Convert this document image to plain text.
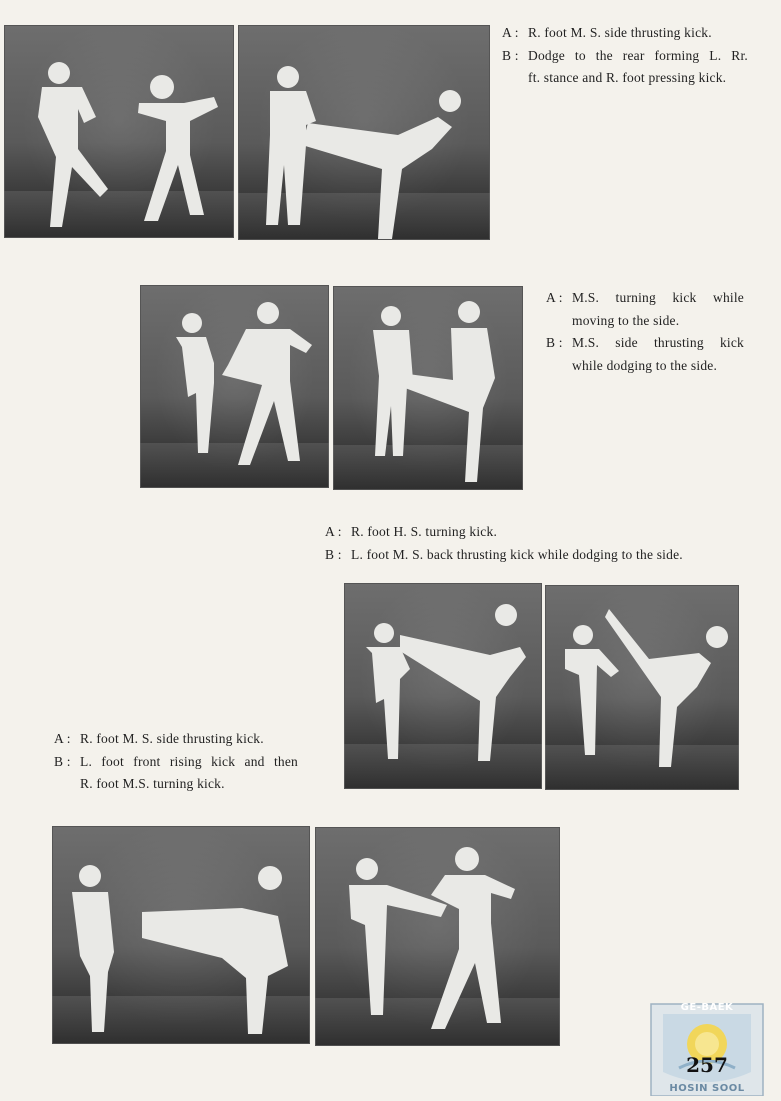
A : R. foot M. S. side thrusting kick.
B : Dodge to the rear forming L. Rr.
ft. stance and R. foot pressing kick.
A : M.S. turning kick while
moving to the side.
B : M.S. side thrusting kick
while dodging to the side.
A : R. foot H. S. turning kick.
B : L. foot M. S. back thrusting kick while dodging to the side.
A : R. foot M. S. side thrusting kick.
B : L. foot front rising kick and then
R. foot M.S. turning kick.
GE-BAEK
257
HOSIN SOOL
